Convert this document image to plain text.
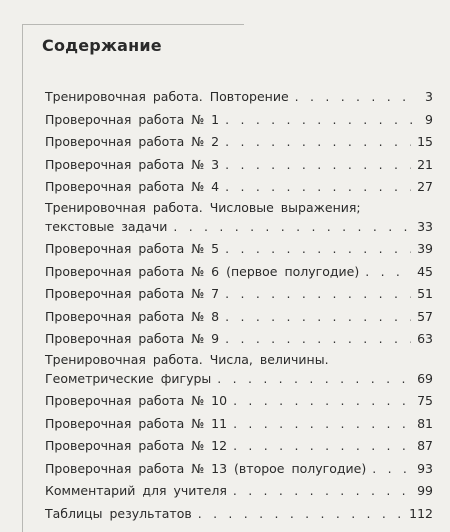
Содержание
Тренировочная работа. Повторение . . .	3
Проверочная работа № 1 . . .	9
Проверочная работа № 2 . . .	15
Проверочная работа № 3 . . .	21
Проверочная работа № 4 . . .	27
Тренировочная работа. Числовые выражения;
текстовые задачи . . .	33
Проверочная работа № 5 . . .	39
Проверочная работа № 6 (первое полугодие) . . .	45
Проверочная работа № 7 . . .	51
Проверочная работа № 8 . . .	57
Проверочная работа № 9 . . .	63
Тренировочная работа. Числа, величины.
Геометрические фигуры . . .	69
Проверочная работа № 10 . . .	75
Проверочная работа № 11 . . .	81
Проверочная работа № 12 . . .	87
Проверочная работа № 13 (второе полугодие) . . .	93
Комментарий для учителя . . .	99
Таблицы результатов . . .	112
